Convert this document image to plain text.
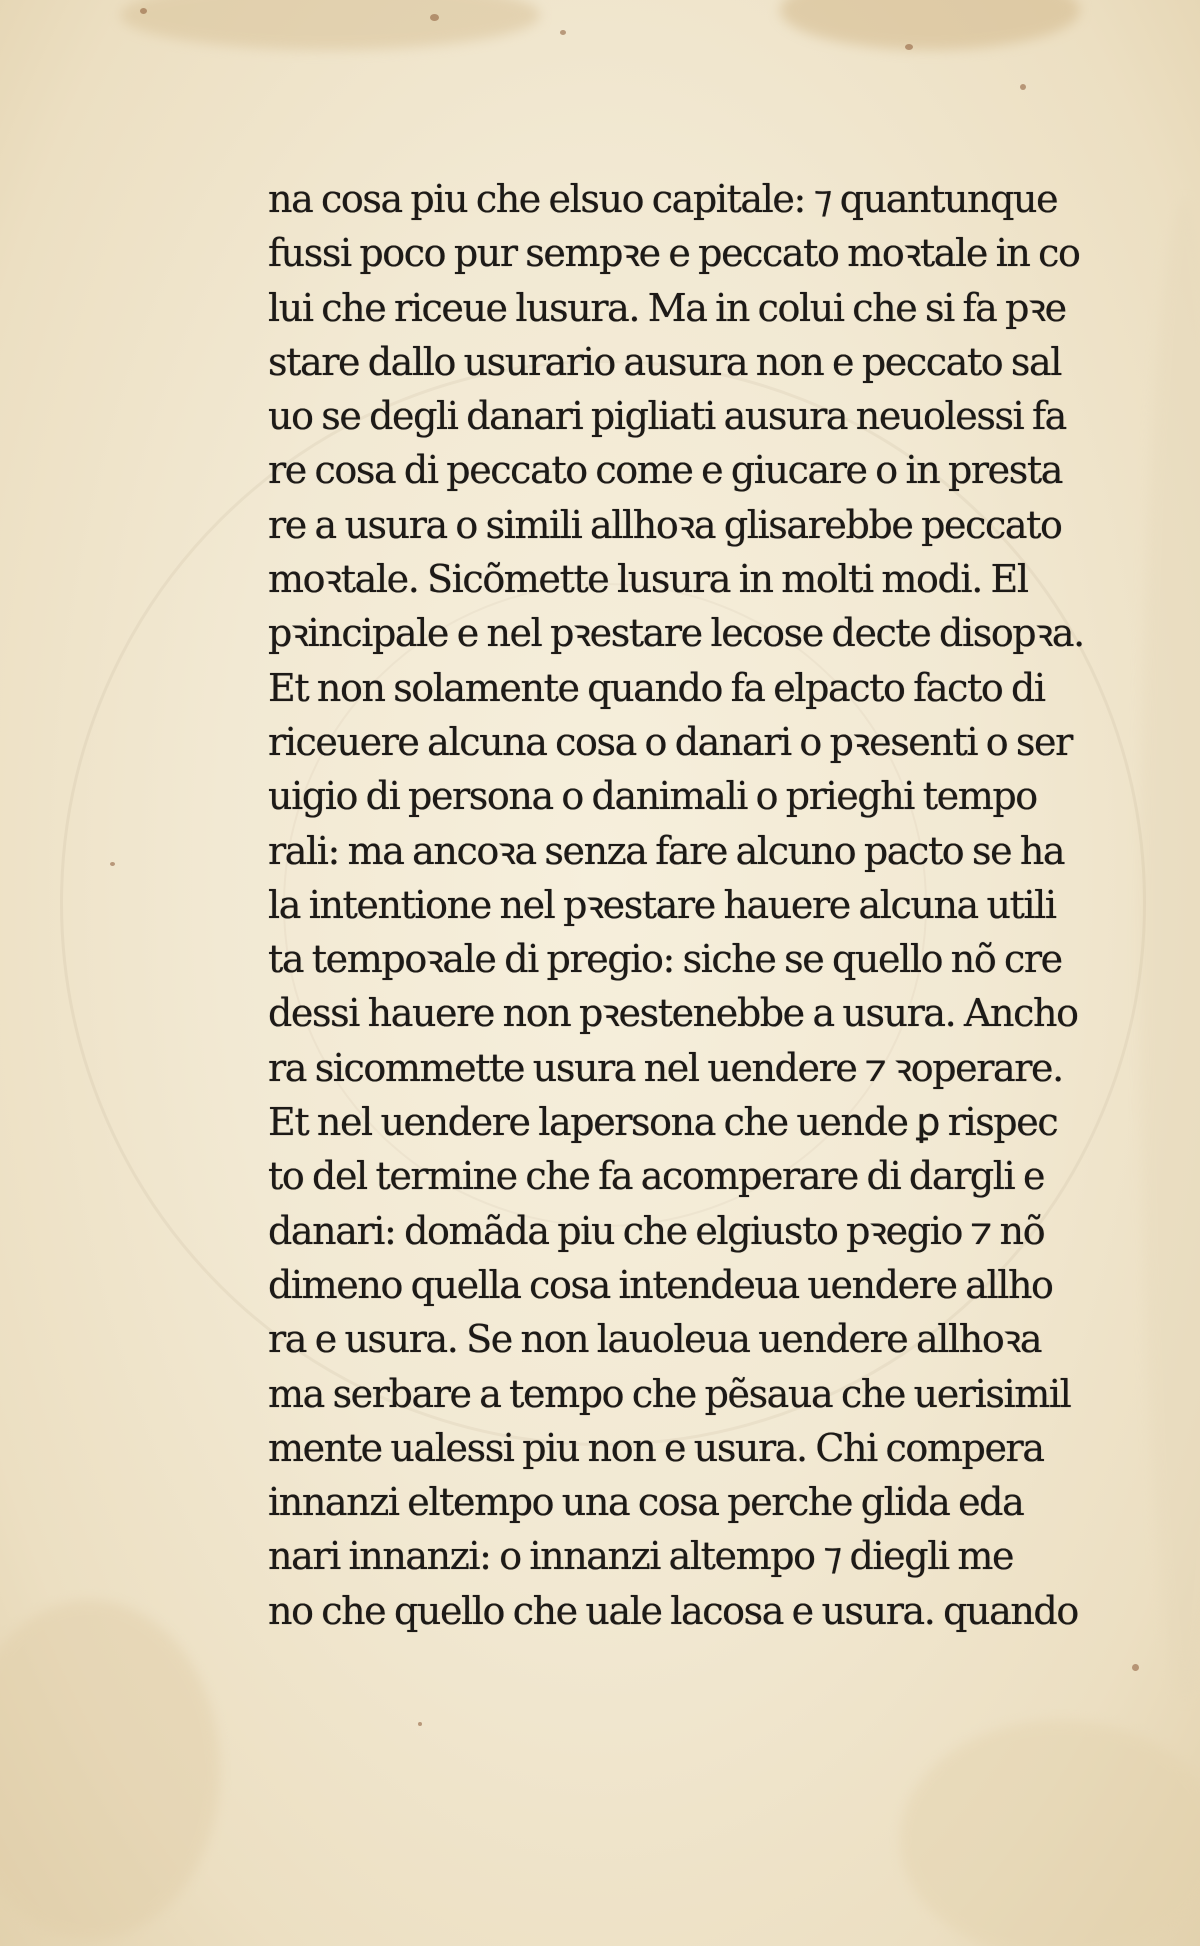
na cosa piu che elsuo capitale: ⁊ quantunque
fussi poco pur sempꝛe e peccato moꝛtale in co
lui che riceue lusura. Ma in colui che si fa pꝛe
stare dallo usurario ausura non e peccato sal
uo se degli danari pigliati ausura neuolessi fa
re cosa di peccato come e giucare o in presta
re a usura o simili allhoꝛa glisarebbe peccato
moꝛtale. Sicõmette lusura in molti modi. El
pꝛincipale e nel pꝛestare lecose decte disopꝛa.
Et non solamente quando fa elpacto facto di
riceuere alcuna cosa o danari o pꝛesenti o ser
uigio di persona o danimali o prieghi tempo
rali: ma ancoꝛa senza fare alcuno pacto se ha
la intentione nel pꝛestare hauere alcuna utili
ta tempoꝛale di pregio: siche se quello nõ cre
dessi hauere non pꝛestenebbe a usura. Ancho
ra sicommette usura nel uendere ⁊ ꝛoperare.
Et nel uendere lapersona che uende ꝑ rispec
to del termine che fa acomperare di dargli e
danari: domãda piu che elgiusto pꝛegio ⁊ nõ
dimeno quella cosa intendeua uendere allho
ra e usura. Se non lauoleua uendere allhoꝛa
ma serbare a tempo che pẽsaua che uerisimil
mente ualessi piu non e usura. Chi compera
innanzi eltempo una cosa perche glida eda
nari innanzi: o innanzi altempo ⁊ diegli me
no che quello che uale lacosa e usura. quando
